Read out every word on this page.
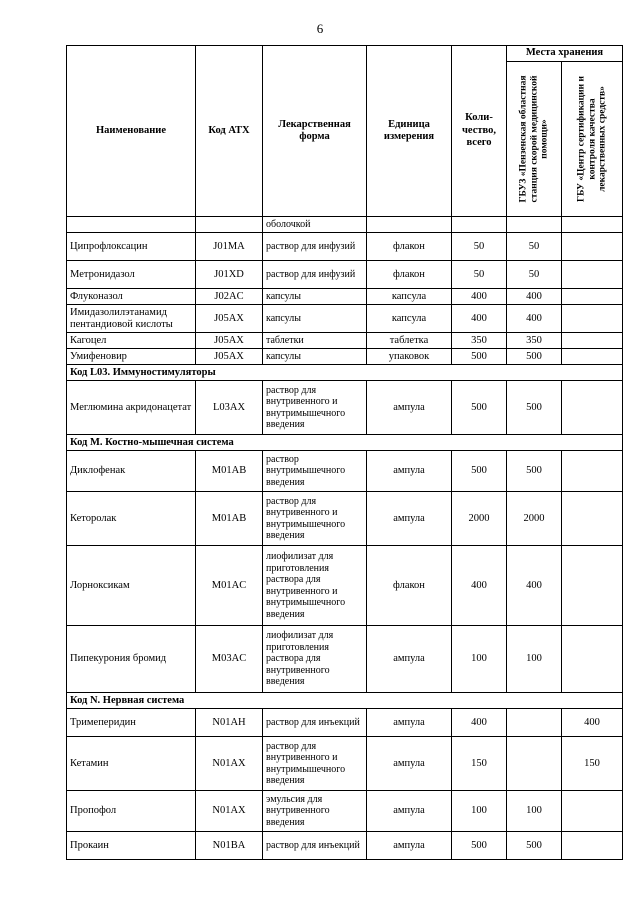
6
Наименование	Код АТХ	Лекарственная форма	Единица измерения	Коли-чество, всего	Места хранения	

					ГБУЗ «Пензенская областная станция скорой медицинской помощи»	ГБУ «Центр сертификации и контроля качества лекарственных средств»

		оболочкой				
Ципрофлоксацин	J01MA	раствор для инфузий	флакон	50	50	
Метронидазол	J01XD	раствор для инфузий	флакон	50	50	
Флуконазол	J02AC	капсулы	капсула	400	400	
Имидазолилэтанамид пентандиовой кислоты	J05AX	капсулы	капсула	400	400	
Кагоцел	J05AX	таблетки	таблетка	350	350	
Умифеновир	J05AX	капсулы	упаковок	500	500	
Код L03. Иммуностимуляторы						
Меглюмина акридонацетат	L03AX	раствор для внутривенного и внутримышечного введения	ампула	500	500	
Код М. Костно-мышечная система						
Диклофенак	M01AB	раствор внутримышечного введения	ампула	500	500	
Кеторолак	M01AB	раствор для внутривенного и внутримышечного введения	ампула	2000	2000	
Лорноксикам	M01AC	лиофилизат для приготовления раствора для внутривенного и внутримышечного введения	флакон	400	400	
Пипекурония бромид	M03AC	лиофилизат для приготовления раствора для внутривенного введения	ампула	100	100	
Код N. Нервная система						
Тримеперидин	N01AH	раствор для инъекций	ампула	400		400
Кетамин	N01AX	раствор для внутривенного и внутримышечного введения	ампула	150		150
Пропофол	N01AX	эмульсия для внутривенного введения	ампула	100	100	
Прокаин	N01BA	раствор для инъекций	ампула	500	500	
